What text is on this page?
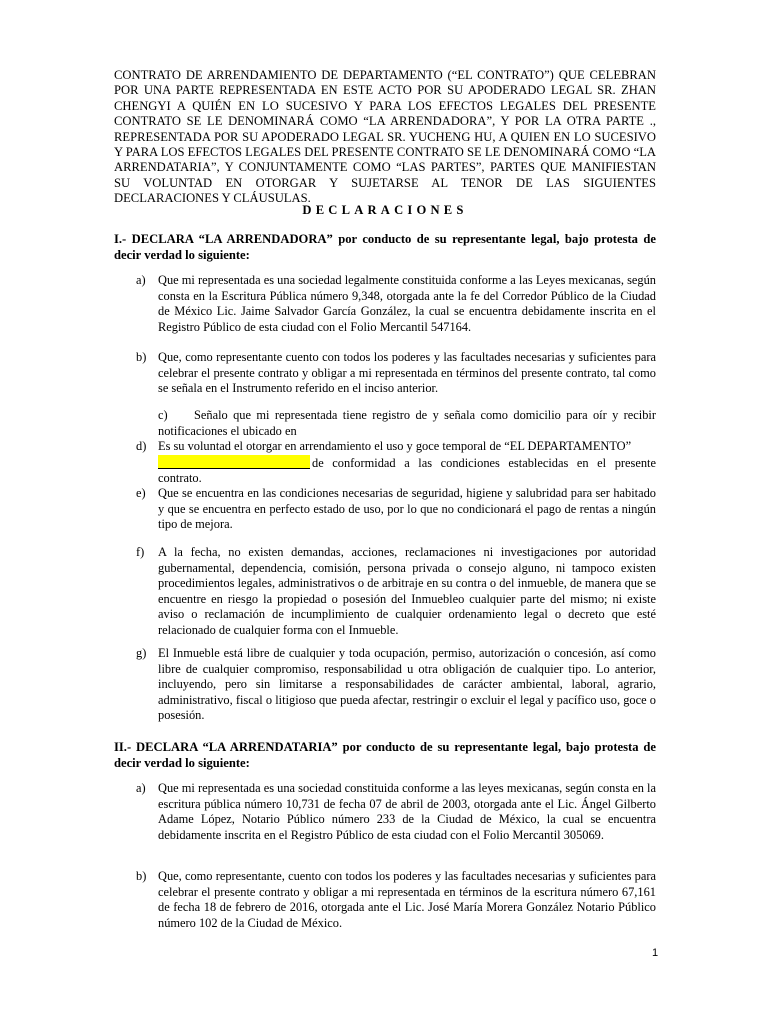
CONTRATO DE ARRENDAMIENTO DE DEPARTAMENTO (“EL CONTRATO”) QUE CELEBRAN POR UNA PARTE REPRESENTADA EN ESTE ACTO POR SU APODERADO LEGAL SR. ZHAN CHENGYI A QUIÉN EN LO SUCESIVO Y PARA LOS EFECTOS LEGALES DEL PRESENTE CONTRATO SE LE DENOMINARÁ COMO “LA ARRENDADORA”, Y POR LA OTRA PARTE ., REPRESENTADA POR SU APODERADO LEGAL SR. YUCHENG HU, A QUIEN EN LO SUCESIVO Y PARA LOS EFECTOS LEGALES DEL PRESENTE CONTRATO SE LE DENOMINARÁ COMO “LA ARRENDATARIA”, Y CONJUNTAMENTE COMO “LAS PARTES”, PARTES QUE MANIFIESTAN SU VOLUNTAD EN OTORGAR Y SUJETARSE AL TENOR DE LAS SIGUIENTES DECLARACIONES Y CLÁUSULAS.
DECLARACIONES
I.- DECLARA “LA ARRENDADORA” por conducto de su representante legal, bajo protesta de decir verdad lo siguiente:
a) Que mi representada es una sociedad legalmente constituida conforme a las Leyes mexicanas, según consta en la Escritura Pública número 9,348, otorgada ante la fe del Corredor Público de la Ciudad de México Lic. Jaime Salvador García González, la cual se encuentra debidamente inscrita en el Registro Público de esta ciudad con el Folio Mercantil 547164.
b) Que, como representante cuento con todos los poderes y las facultades necesarias y suficientes para celebrar el presente contrato y obligar a mi representada en términos del presente contrato, tal como se señala en el Instrumento referido en el inciso anterior.
c) Señalo que mi representada tiene registro de y señala como domicilio para oír y recibir notificaciones el ubicado en
d) Es su voluntad el otorgar en arrendamiento el uso y goce temporal de “EL DEPARTAMENTO”
de conformidad a las condiciones establecidas en el presente contrato.
e) Que se encuentra en las condiciones necesarias de seguridad, higiene y salubridad para ser habitado y que se encuentra en perfecto estado de uso, por lo que no condicionará el pago de rentas a ningún tipo de mejora.
f)	A la fecha, no existen demandas, acciones, reclamaciones ni investigaciones por autoridad gubernamental, dependencia, comisión, persona privada o consejo alguno, ni tampoco existen procedimientos legales, administrativos o de arbitraje en su contra o del inmueble, de manera que se encuentre en riesgo la propiedad o posesión del Inmuebleo cualquier parte del mismo; ni existe aviso o reclamación de incumplimiento de cualquier ordenamiento legal o decreto que esté relacionado de cualquier forma con el Inmueble.
g) El Inmueble está libre de cualquier y toda ocupación, permiso, autorización o concesión, así como libre de cualquier compromiso, responsabilidad u otra obligación de cualquier tipo. Lo anterior, incluyendo, pero sin limitarse a responsabilidades de carácter ambiental, laboral, agrario, administrativo, fiscal o litigioso que pueda afectar, restringir o excluir el legal y pacífico uso, goce o posesión.
II.- DECLARA “LA ARRENDATARIA” por conducto de su representante legal, bajo protesta de decir verdad lo siguiente:
a) Que mi representada es una sociedad constituida conforme a las leyes mexicanas, según consta en la escritura pública número 10,731 de fecha 07 de abril de 2003, otorgada ante el Lic. Ángel Gilberto Adame López, Notario Público número 233 de la Ciudad de México, la cual se encuentra debidamente inscrita en el Registro Público de esta ciudad con el Folio Mercantil 305069.
b) Que, como representante, cuento con todos los poderes y las facultades necesarias y suficientes para celebrar el presente contrato y obligar a mi representada en términos de la escritura número 67,161 de fecha 18 de febrero de 2016, otorgada ante el Lic. José María Morera González Notario Público número 102 de la Ciudad de México.
1
